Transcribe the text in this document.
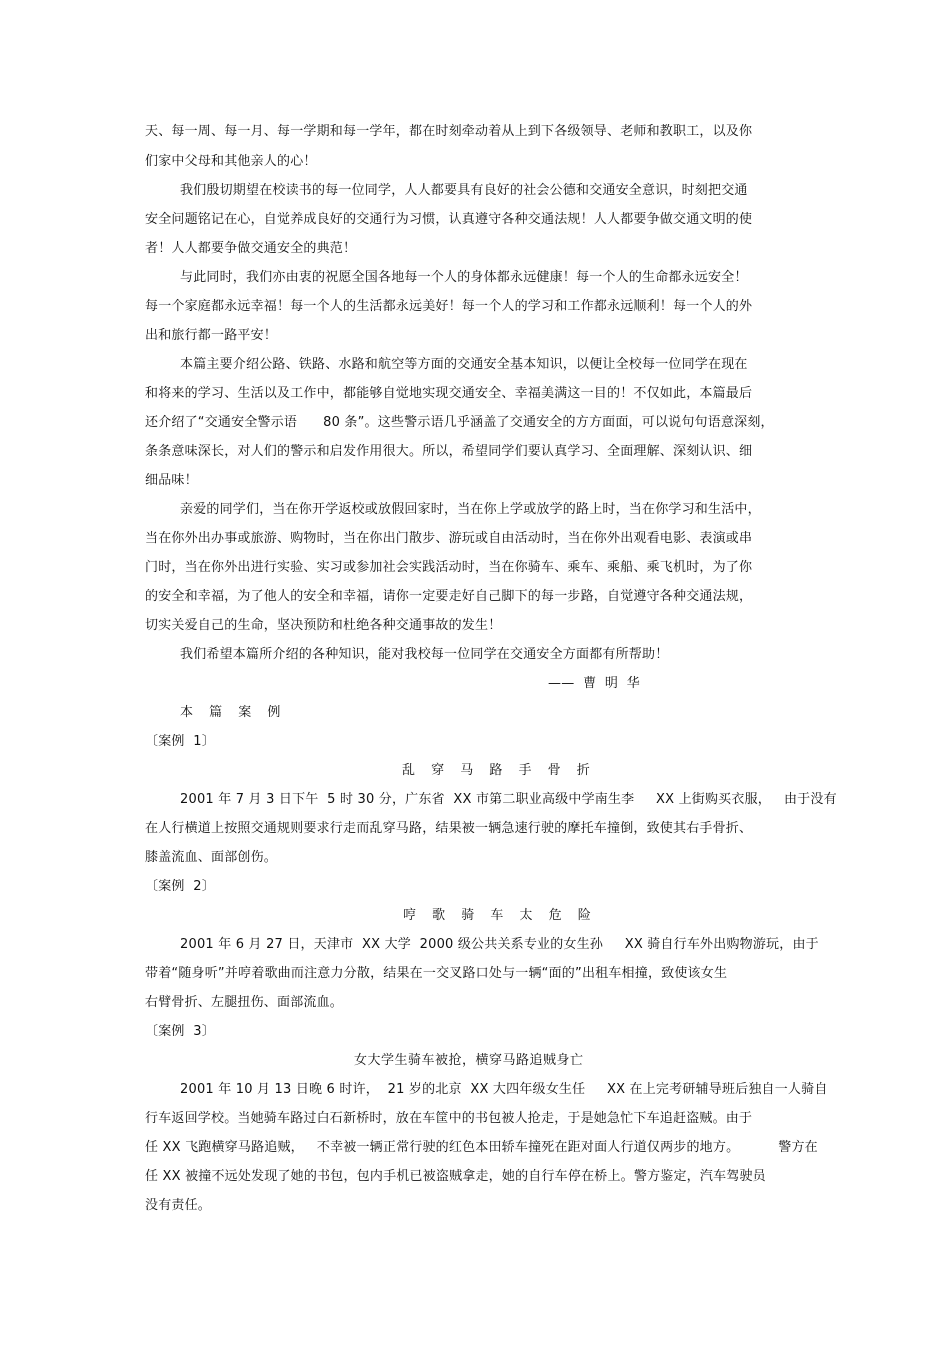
天、每一周、每一月、每一学期和每一学年，都在时刻牵动着从上到下各级领导、老师和教职工，以及你
们家中父母和其他亲人的心！
我们殷切期望在校读书的每一位同学，人人都要具有良好的社会公德和交通安全意识，时刻把交通
安全问题铭记在心，自觉养成良好的交通行为习惯，认真遵守各种交通法规！人人都要争做交通文明的使
者！人人都要争做交通安全的典范！
与此同时，我们亦由衷的祝愿全国各地每一个人的身体都永远健康！每一个人的生命都永远安全！
每一个家庭都永远幸福！每一个人的生活都永远美好！每一个人的学习和工作都永远顺利！每一个人的外
出和旅行都一路平安！
本篇主要介绍公路、铁路、水路和航空等方面的交通安全基本知识，以便让全校每一位同学在现在
和将来的学习、生活以及工作中，都能够自觉地实现交通安全、幸福美满这一目的！不仅如此，本篇最后
还介绍了“交通安全警示语      80 条”。这些警示语几乎涵盖了交通安全的方方面面，可以说句句语意深刻，
条条意味深长，对人们的警示和启发作用很大。所以，希望同学们要认真学习、全面理解、深刻认识、细
细品味！
亲爱的同学们，当在你开学返校或放假回家时，当在你上学或放学的路上时，当在你学习和生活中，
当在你外出办事或旅游、购物时，当在你出门散步、游玩或自由活动时，当在你外出观看电影、表演或串
门时，当在你外出进行实验、实习或参加社会实践活动时，当在你骑车、乘车、乘船、乘飞机时，为了你
的安全和幸福，为了他人的安全和幸福，请你一定要走好自己脚下的每一步路，自觉遵守各种交通法规，
切实关爱自己的生命，坚决预防和杜绝各种交通事故的发生！
我们希望本篇所介绍的各种知识，能对我校每一位同学在交通安全方面都有所帮助！
——  曹  明  华
本 篇 案 例
〔案例  1〕
乱 穿 马 路 手 骨 折
2001 年 7 月 3 日下午  5 时 30 分，广东省  XX 市第二职业高级中学南生李     XX 上街购买衣服，   由于没有
在人行横道上按照交通规则要求行走而乱穿马路，结果被一辆急速行驶的摩托车撞倒，致使其右手骨折、
膝盖流血、面部创伤。
〔案例  2〕
哼 歌 骑 车 太 危 险
2001 年 6 月 27 日，天津市  XX 大学  2000 级公共关系专业的女生孙     XX 骑自行车外出购物游玩，由于
带着“随身听”并哼着歌曲而注意力分散，结果在一交叉路口处与一辆“面的”出租车相撞，致使该女生
右臂骨折、左腿扭伤、面部流血。
〔案例  3〕
女大学生骑车被抢，横穿马路追贼身亡
2001 年 10 月 13 日晚 6 时许，  21 岁的北京  XX 大四年级女生任     XX 在上完考研辅导班后独自一人骑自
行车返回学校。当她骑车路过白石新桥时，放在车筐中的书包被人抢走，于是她急忙下车追赶盗贼。由于
任 XX 飞跑横穿马路追贼，   不幸被一辆正常行驶的红色本田轿车撞死在距对面人行道仅两步的地方。         警方在
任 XX 被撞不远处发现了她的书包，包内手机已被盗贼拿走，她的自行车停在桥上。警方鉴定，汽车驾驶员
没有责任。
